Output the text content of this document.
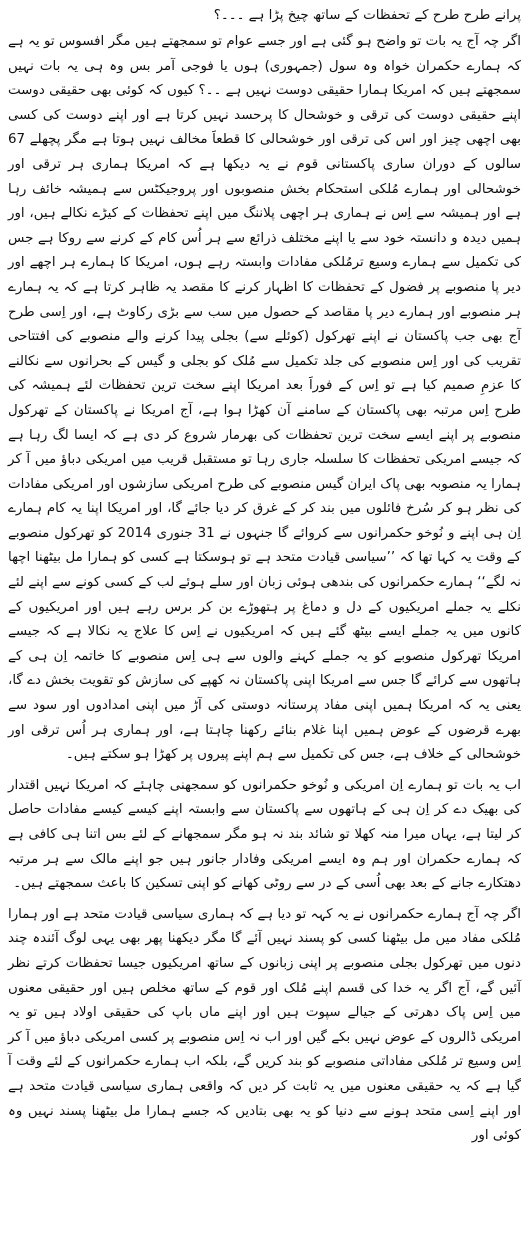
پرانے طرح طرح کے تحفظات کے ساتھ چیخ پڑا ہے ۔۔۔؟

اگر چہ آج یہ بات تو واضح ہو گئی ہے اور جسے عوام تو سمجھتے ہیں مگر افسوس تو یہ ہے کہ ہمارے حکمران خواہ وہ سول (جمہوری) ہوں یا فوجی آمر بس وہ ہی یہ بات نہیں سمجھتے ہیں کہ امریکا ہمارا حقیقی دوست نہیں ہے ۔۔؟ کیوں کہ کوئی بھی حقیقی دوست اپنے حقیقی دوست کی ترقی و خوشحال کا پرحسد نہیں کرتا ہے اور اپنے دوست کی کسی بھی اچھی چیز اور اس کی ترقی اور خوشحالی کا قطعاََ مخالف نہیں ہوتا ہے مگر پچھلے 67 سالوں کے دوران ساری پاکستانی قوم نے یہ دیکھا ہے کہ امریکا ہماری ہر ترقی اور خوشحالی اور ہمارے مُلکی استحکام بخش منصوبوں اور پروجیکٹس سے ہمیشہ خائف رہا ہے اور ہمیشہ سے اِس نے ہماری ہر اچھی پلاننگ میں اپنے تحفظات کے کیڑے نکالے ہیں، اور ہمیں دیدہ و دانستہ خود سے یا اپنے مختلف ذرائع سے ہر اُس کام کے کرنے سے روکا ہے جس کی تکمیل سے ہمارے وسیع ترمُلکی مفادات وابستہ رہے ہوں، امریکا کا ہمارے ہر اچھے اور دیر پا منصوبے پر فضول کے تحفظات کا اظہار کرنے کا مقصد یہ ظاہر کرتا ہے کہ یہ ہمارے ہر منصوبے اور ہمارے دیر پا مقاصد کے حصول میں سب سے بڑی رکاوٹ ہے، اور اِسی طرح آج بھی جب پاکستان نے اپنے تھرکول (کوئلے سے) بجلی پیدا کرنے والے منصوبے کی افتتاحی تقریب کی اور اِس منصوبے کی جلد تکمیل سے مُلک کو بجلی و گیس کے بحرانوں سے نکالنے کا عزمِ صمیم کیا ہے تو اِس کے فوراََ بعد امریکا اپنے سخت ترین تحفظات لئے ہمیشہ کی طرح اِس مرتبہ بھی پاکستان کے سامنے آن کھڑا ہوا ہے، آج امریکا نے پاکستان کے تھرکول منصوبے پر اپنے ایسے سخت ترین تحفظات کی بھرمار شروع کر دی ہے کہ ایسا لگ رہا ہے کہ جیسے امریکی تحفظات کا سلسلہ جاری رہا تو مستقبل قریب میں امریکی دباؤ میں آ کر ہمارا یہ منصوبہ بھی پاک ایران گیس منصوبے کی طرح امریکی سازشوں اور امریکی مفادات کی نظر ہو کر سُرخ فائلوں میں بند کر کے غرق کر دیا جائے گا، اور امریکا اپنا یہ کام ہمارے اِن ہی اپنے و نُوخو حکمرانوں سے کروائے گا جنہوں نے 31 جنوری 2014 کو تھرکول منصوبے کے وقت یہ کہا تھا کہ ’’سیاسی قیادت متحد ہے تو ہوسکتا ہے کسی کو ہمارا مل بیٹھنا اچھا نہ لگے‘‘ ہمارے حکمرانوں کی بندھی ہوئی زبان اور سلے ہوئے لب کے کسی کونے سے اپنے لئے نکلے یہ جملے امریکیوں کے دل و دماغ پر ہتھوڑے بن کر برس رہے ہیں اور امریکیوں کے کانوں میں یہ جملے ایسے بیٹھ گئے ہیں کہ امریکیوں نے اِس کا علاج یہ نکالا ہے کہ جیسے امریکا تھرکول منصوبے کو یہ جملے کہنے والوں سے ہی اِس منصوبے کا خاتمہ اِن ہی کے ہاتھوں سے کرائے گا جس سے امریکا اپنی پاکستان نہ کھپے کی سازش کو تقویت بخش دے گا، یعنی یہ کہ امریکا ہمیں اپنی مفاد پرستانہ دوستی کی آڑ میں اپنی امدادوں اور سود سے بھرے قرضوں کے عوض ہمیں اپنا غلام بنائے رکھنا چاہتا ہے، اور ہماری ہر اُس ترقی اور خوشحالی کے خلاف ہے، جس کی تکمیل سے ہم اپنے پیروں پر کھڑا ہو سکتے ہیں۔

اب یہ بات تو ہمارے اِن امریکی و نُوخو حکمرانوں کو سمجھنی چاہئے کہ امریکا نہیں اقتدار کی بھیک دے کر اِن ہی کے ہاتھوں سے پاکستان سے وابستہ اپنے کیسے کیسے مفادات حاصل کر لیتا ہے، یہاں میرا منہ کھلا تو شائد بند نہ ہو مگر سمجھانے کے لئے بس اتنا ہی کافی ہے کہ ہمارے حکمران اور ہم وہ ایسے امریکی وفادار جانور ہیں جو اپنے مالک سے ہر مرتبہ دھتکارے جانے کے بعد بھی اُسی کے در سے روٹی کھانے کو اپنی تسکین کا باعث سمجھتے ہیں۔

اگر چہ آج ہمارے حکمرانوں نے یہ کہہ تو دیا ہے کہ ہماری سیاسی قیادت متحد ہے اور ہمارا مُلکی مفاد میں مل بیٹھنا کسی کو پسند نہیں آئے گا مگر دیکھنا پھر بھی یہی لوگ آئندہ چند دنوں میں تھرکول بجلی منصوبے پر اپنی زبانوں کے ساتھ امریکیوں جیسا تحفظات کرتے نظر آئیں گے، آج اگر یہ خدا کی قسم اپنے مُلک اور قوم کے ساتھ مخلص ہیں اور حقیقی معنوں میں اِس پاک دھرتی کے جیالے سپوت ہیں اور اپنے ماں باپ کی حقیقی اولاد ہیں تو یہ امریکی ڈالروں کے عوض نہیں بکے گیں اور اب نہ اِس منصوبے پر کسی امریکی دباؤ میں آ کر اِس وسیع تر مُلکی مفاداتی منصوبے کو بند کریں گے، بلکہ اب ہمارے حکمرانوں کے لئے وقت آ گیا ہے کہ یہ حقیقی معنوں میں یہ ثابت کر دیں کہ واقعی ہماری سیاسی قیادت متحد ہے اور اپنے اِسی متحد ہونے سے دنیا کو یہ بھی بتادیں کہ جسے ہمارا مل بیٹھنا پسند نہیں وہ کوئی اور
